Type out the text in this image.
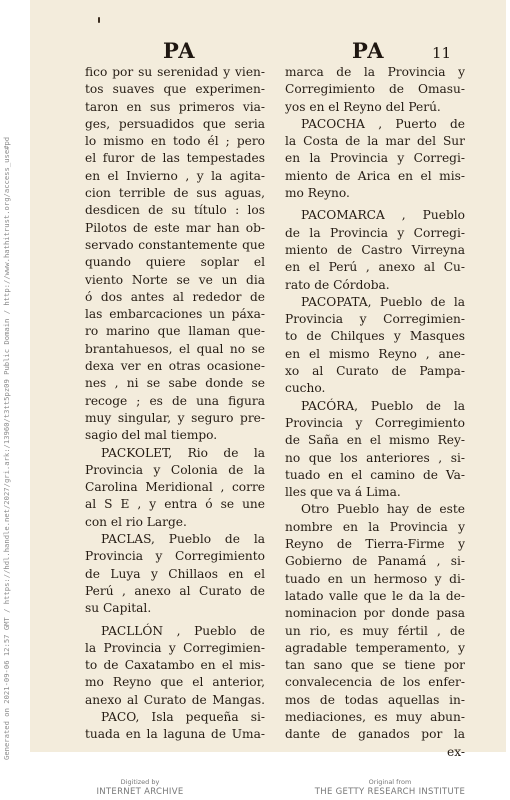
Generated on 2021-09-06 12:57 GMT / https://hdl.handle.net/2027/gri.ark:/13960/t3tt5pz09 Public Domain / http://www.hathitrust.org/access_use#pd
PA	PA	11
fico por su serenidad y vien-
tos suaves que experimen-
taron en sus primeros via-
ges, persuadidos que seria
lo mismo en todo él ; pero
el furor de las tempestades
en el Invierno , y la agita-
cion terrible de sus aguas,
desdicen de su título : los
Pilotos de este mar han ob-
servado constantemente que
quando quiere soplar el
viento Norte se ve un dia
ó dos antes al rededor de
las embarcaciones un páxa-
ro marino que llaman que-
brantahuesos, el qual no se
dexa ver en otras ocasione-
nes , ni se sabe donde se
recoge ; es de una figura
muy singular, y seguro pre-
sagio del mal tiempo.
PACKOLET, Rio de la
Provincia y Colonia de la
Carolina Meridional , corre
al S E , y entra ó se une
con el rio Large.
PACLAS, Pueblo de la
Provincia y Corregimiento
de Luya y Chillaos en el
Perú , anexo al Curato de
su Capital.
PACLLÓN , Pueblo de
la Provincia y Corregimien-
to de Caxatambo en el mis-
mo Reyno que el anterior,
anexo al Curato de Mangas.
PACO, Isla pequeña si-
tuada en la laguna de Uma-
marca de la Provincia y
Corregimiento de Omasu-
yos en el Reyno del Perú.
PACOCHA , Puerto de
la Costa de la mar del Sur
en la Provincia y Corregi-
miento de Arica en el mis-
mo Reyno.
PACOMARCA , Pueblo
de la Provincia y Corregi-
miento de Castro Virreyna
en el Perú , anexo al Cu-
rato de Córdoba.
PACOPATA, Pueblo de la
Provincia y Corregimien-
to de Chilques y Masques
en el mismo Reyno , ane-
xo al Curato de Pampa-
cucho.
PACÓRA, Pueblo de la
Provincia y Corregimiento
de Saña en el mismo Rey-
no que los anteriores , si-
tuado en el camino de Va-
lles que va á Lima.
Otro Pueblo hay de este
nombre en la Provincia y
Reyno de Tierra-Firme y
Gobierno de Panamá , si-
tuado en un hermoso y di-
latado valle que le da la de-
nominacion por donde pasa
un rio, es muy fértil , de
agradable temperamento, y
tan sano que se tiene por
convalecencia de los enfer-
mos de todas aquellas in-
mediaciones, es muy abun-
dante de ganados por la
ex-
Digitized by
INTERNET ARCHIVE
Original from
THE GETTY RESEARCH INSTITUTE
